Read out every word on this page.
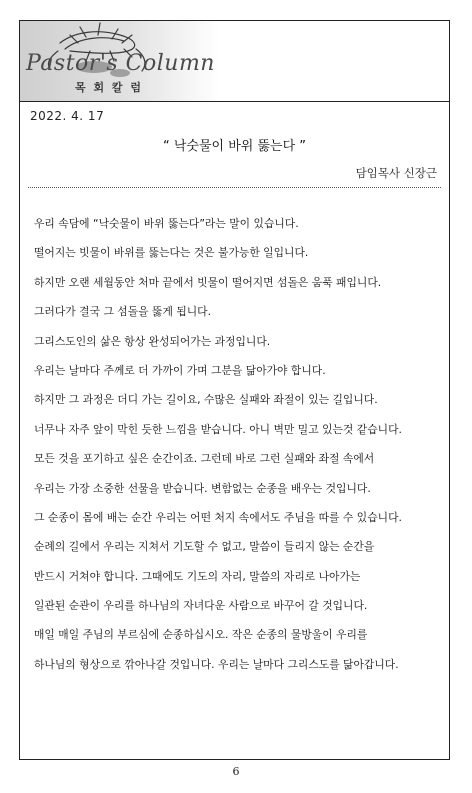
Pastor's Column
목 회 칼 럼
2022. 4. 17
“ 낙숫물이 바위 뚫는다 ”
담임목사 신장근
우리 속담에 “낙숫물이 바위 뚫는다”라는 말이 있습니다.
떨어지는 빗물이 바위를 뚫는다는 것은 불가능한 일입니다.
하지만 오랜 세월동안 처마 끝에서 빗물이 떨어지면 섬돌은 움푹 패입니다.
그러다가 결국 그 섬돌을 뚫게 됩니다.
그리스도인의 삶은 항상 완성되어가는 과정입니다.
우리는 날마다 주께로 더 가까이 가며 그분을 닮아가야 합니다.
하지만 그 과정은 더디 가는 길이요, 수많은 실패와 좌절이 있는 길입니다.
너무나 자주 앞이 막힌 듯한 느낌을 받습니다. 아니 벽만 밀고 있는것 같습니다.
모든 것을 포기하고 싶은 순간이죠. 그런데 바로 그런 실패와 좌절 속에서
우리는 가장 소중한 선물을 받습니다. 변함없는 순종을 배우는 것입니다.
그 순종이 몸에 배는 순간 우리는 어떤 처지 속에서도 주님을 따를 수 있습니다.
순례의 길에서 우리는 지쳐서 기도할 수 없고, 말씀이 들리지 않는 순간을
반드시 거쳐야 합니다. 그때에도 기도의 자리, 말씀의 자리로 나아가는
일관된 순관이 우리를 하나님의 자녀다운 사람으로 바꾸어 갈 것입니다.
매일 매일 주님의 부르심에 순종하십시오. 작은 순종의 물방울이 우리를
하나님의 형상으로 깎아나갈 것입니다. 우리는 날마다 그리스도를 닮아갑니다.
6
